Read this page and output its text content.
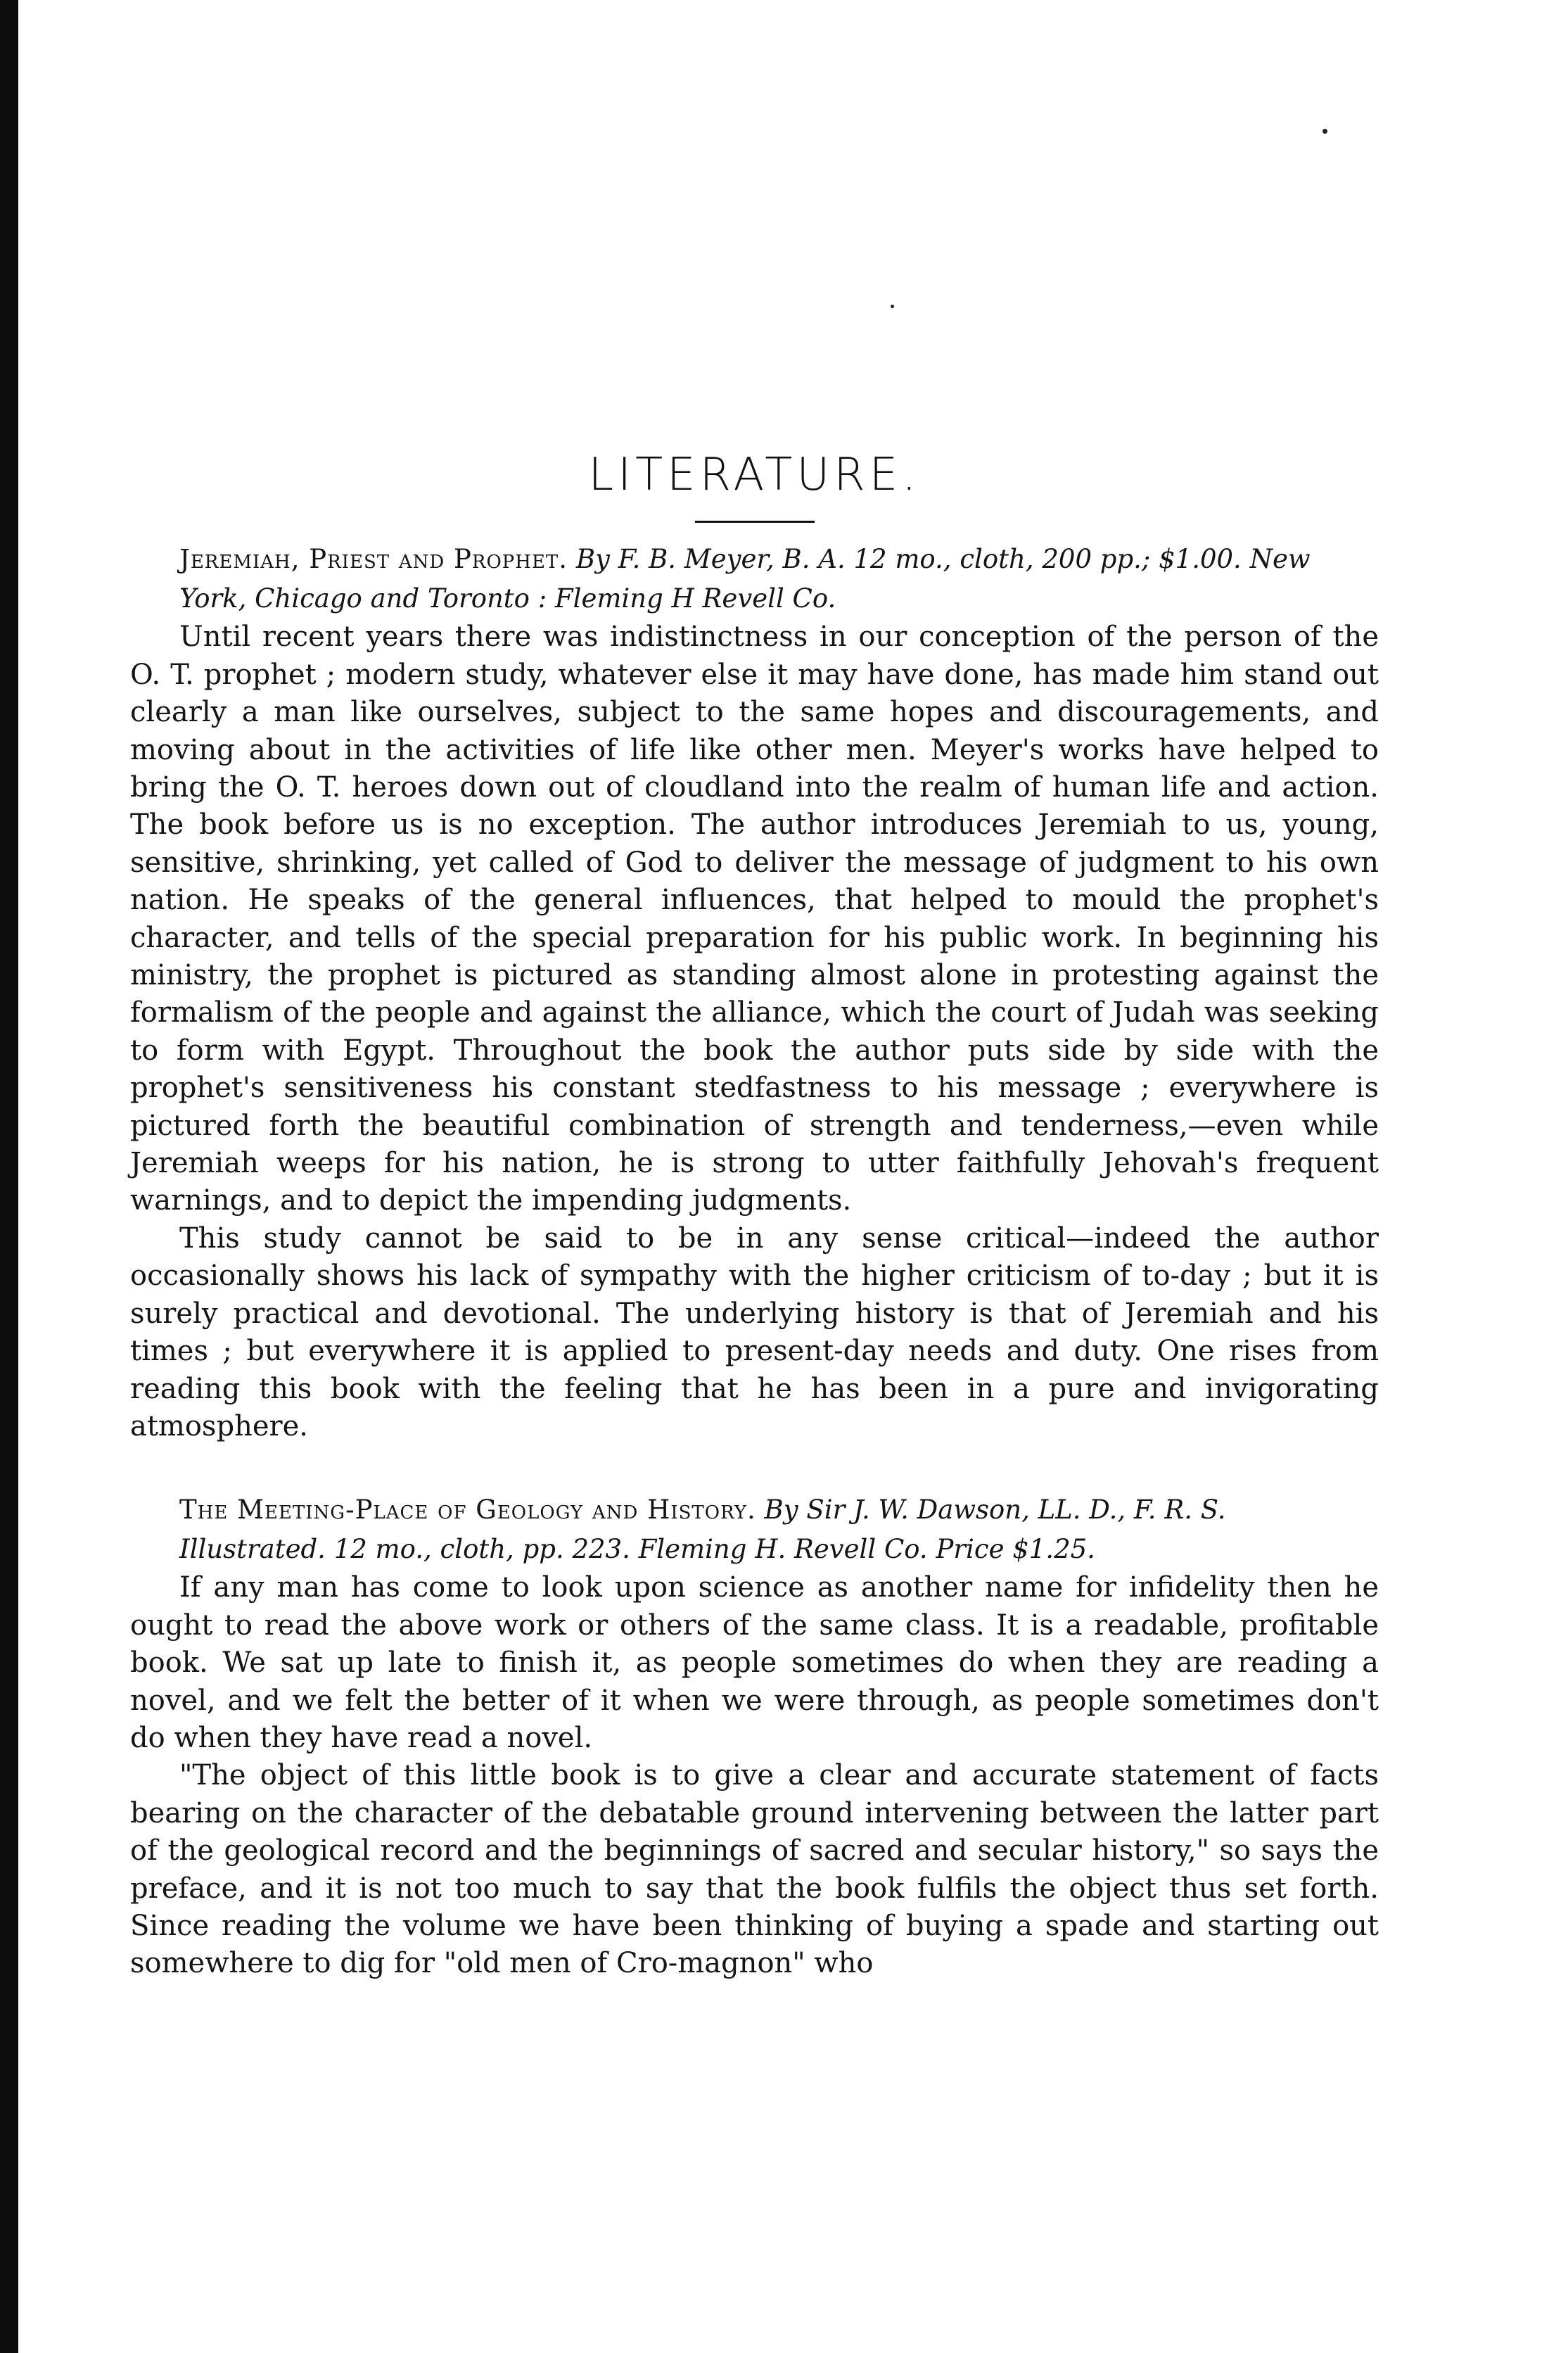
LITERATURE.

Jeremiah, Priest and Prophet. By F. B. Meyer, B. A. 12 mo., cloth, 200 pp.; $1.00. New York, Chicago and Toronto : Fleming H Revell Co.

Until recent years there was indistinctness in our conception of the person of the O. T. prophet ; modern study, whatever else it may have done, has made him stand out clearly a man like ourselves, subject to the same hopes and discouragements, and moving about in the activities of life like other men. Meyer's works have helped to bring the O. T. heroes down out of cloudland into the realm of human life and action. The book before us is no exception. The author introduces Jeremiah to us, young, sensitive, shrinking, yet called of God to deliver the message of judgment to his own nation. He speaks of the general influences, that helped to mould the prophet's character, and tells of the special preparation for his public work. In beginning his ministry, the prophet is pictured as standing almost alone in protesting against the formalism of the people and against the alliance, which the court of Judah was seeking to form with Egypt. Throughout the book the author puts side by side with the prophet's sensitiveness his constant stedfastness to his message ; everywhere is pictured forth the beautiful combination of strength and tenderness,—even while Jeremiah weeps for his nation, he is strong to utter faithfully Jehovah's frequent warnings, and to depict the impending judgments.

This study cannot be said to be in any sense critical—indeed the author occasionally shows his lack of sympathy with the higher criticism of to-day ; but it is surely practical and devotional. The underlying history is that of Jeremiah and his times ; but everywhere it is applied to present-day needs and duty. One rises from reading this book with the feeling that he has been in a pure and invigorating atmosphere.

The Meeting-Place of Geology and History. By Sir J. W. Dawson, LL. D., F. R. S. Illustrated. 12 mo., cloth, pp. 223. Fleming H. Revell Co. Price $1.25.

If any man has come to look upon science as another name for infidelity then he ought to read the above work or others of the same class. It is a readable, profitable book. We sat up late to finish it, as people sometimes do when they are reading a novel, and we felt the better of it when we were through, as people sometimes don't do when they have read a novel.

"The object of this little book is to give a clear and accurate statement of facts bearing on the character of the debatable ground intervening between the latter part of the geological record and the beginnings of sacred and secular history," so says the preface, and it is not too much to say that the book fulfils the object thus set forth. Since reading the volume we have been thinking of buying a spade and starting out somewhere to dig for "old men of Cro-magnon" who
